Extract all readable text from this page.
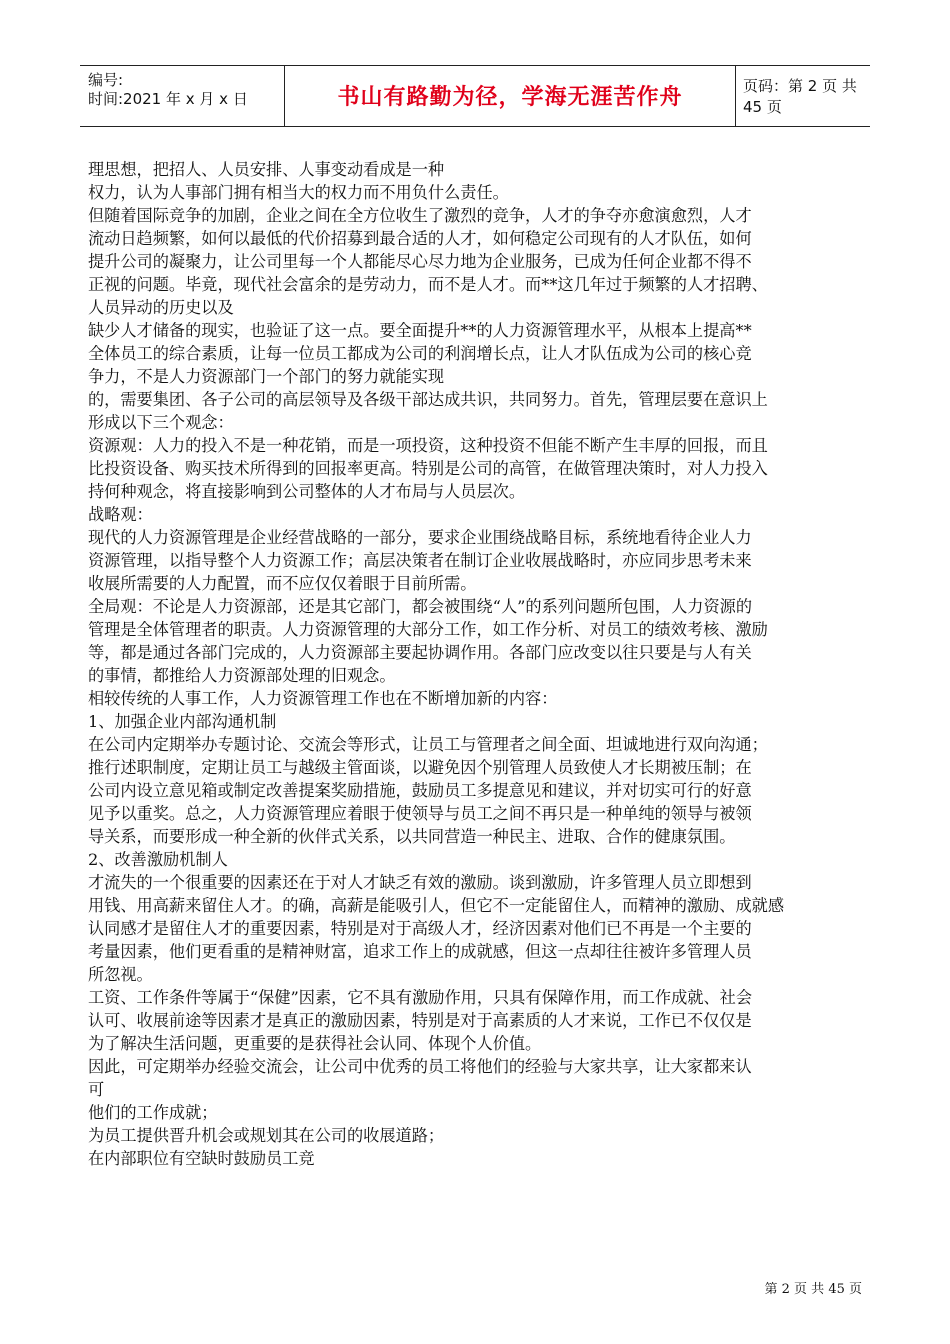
编号:
时间:2021 年 x 月 x 日	书山有路勤为径，学海无涯苦作舟	页码：第 2 页 共 45 页
理思想，把招人、人员安排、人事变动看成是一种
权力，认为人事部门拥有相当大的权力而不用负什么责任。
但随着国际竞争的加剧，企业之间在全方位收生了激烈的竞争，人才的争夺亦愈演愈烈，人才
流动日趋频繁，如何以最低的代价招募到最合适的人才，如何稳定公司现有的人才队伍，如何
提升公司的凝聚力，让公司里每一个人都能尽心尽力地为企业服务，已成为任何企业都不得不
正视的问题。毕竟，现代社会富余的是劳动力，而不是人才。而**这几年过于频繁的人才招聘、
人员异动的历史以及
缺少人才储备的现实，也验证了这一点。要全面提升**的人力资源管理水平，从根本上提高**
全体员工的综合素质，让每一位员工都成为公司的利润增长点，让人才队伍成为公司的核心竞
争力，不是人力资源部门一个部门的努力就能实现
的，需要集团、各子公司的高层领导及各级干部达成共识，共同努力。首先，管理层要在意识上
形成以下三个观念：
资源观：人力的投入不是一种花销，而是一项投资，这种投资不但能不断产生丰厚的回报，而且
比投资设备、购买技术所得到的回报率更高。特别是公司的高管，在做管理决策时，对人力投入
持何种观念，将直接影响到公司整体的人才布局与人员层次。
战略观：
现代的人力资源管理是企业经营战略的一部分，要求企业围绕战略目标，系统地看待企业人力
资源管理，以指导整个人力资源工作；高层决策者在制订企业收展战略时，亦应同步思考未来
收展所需要的人力配置，而不应仅仅着眼于目前所需。
全局观：不论是人力资源部，还是其它部门，都会被围绕“人”的系列问题所包围，人力资源的
管理是全体管理者的职责。人力资源管理的大部分工作，如工作分析、对员工的绩效考核、激励
等，都是通过各部门完成的，人力资源部主要起协调作用。各部门应改变以往只要是与人有关
的事情，都推给人力资源部处理的旧观念。
相较传统的人事工作，人力资源管理工作也在不断增加新的内容：
1、加强企业内部沟通机制
在公司内定期举办专题讨论、交流会等形式，让员工与管理者之间全面、坦诚地进行双向沟通；
推行述职制度，定期让员工与越级主管面谈，以避免因个别管理人员致使人才长期被压制；在
公司内设立意见箱或制定改善提案奖励措施，鼓励员工多提意见和建议，并对切实可行的好意
见予以重奖。总之，人力资源管理应着眼于使领导与员工之间不再只是一种单纯的领导与被领
导关系，而要形成一种全新的伙伴式关系，以共同营造一种民主、进取、合作的健康氛围。
2、改善激励机制人
才流失的一个很重要的因素还在于对人才缺乏有效的激励。谈到激励，许多管理人员立即想到
用钱、用高薪来留住人才。的确，高薪是能吸引人，但它不一定能留住人，而精神的激励、成就感
认同感才是留住人才的重要因素，特别是对于高级人才，经济因素对他们已不再是一个主要的
考量因素，他们更看重的是精神财富，追求工作上的成就感，但这一点却往往被许多管理人员
所忽视。
工资、工作条件等属于“保健”因素，它不具有激励作用，只具有保障作用，而工作成就、社会
认可、收展前途等因素才是真正的激励因素，特别是对于高素质的人才来说，工作已不仅仅是
为了解决生活问题，更重要的是获得社会认同、体现个人价值。
因此，可定期举办经验交流会，让公司中优秀的员工将他们的经验与大家共享，让大家都来认
可
他们的工作成就；
为员工提供晋升机会或规划其在公司的收展道路；
在内部职位有空缺时鼓励员工竞
第 2 页 共 45 页
